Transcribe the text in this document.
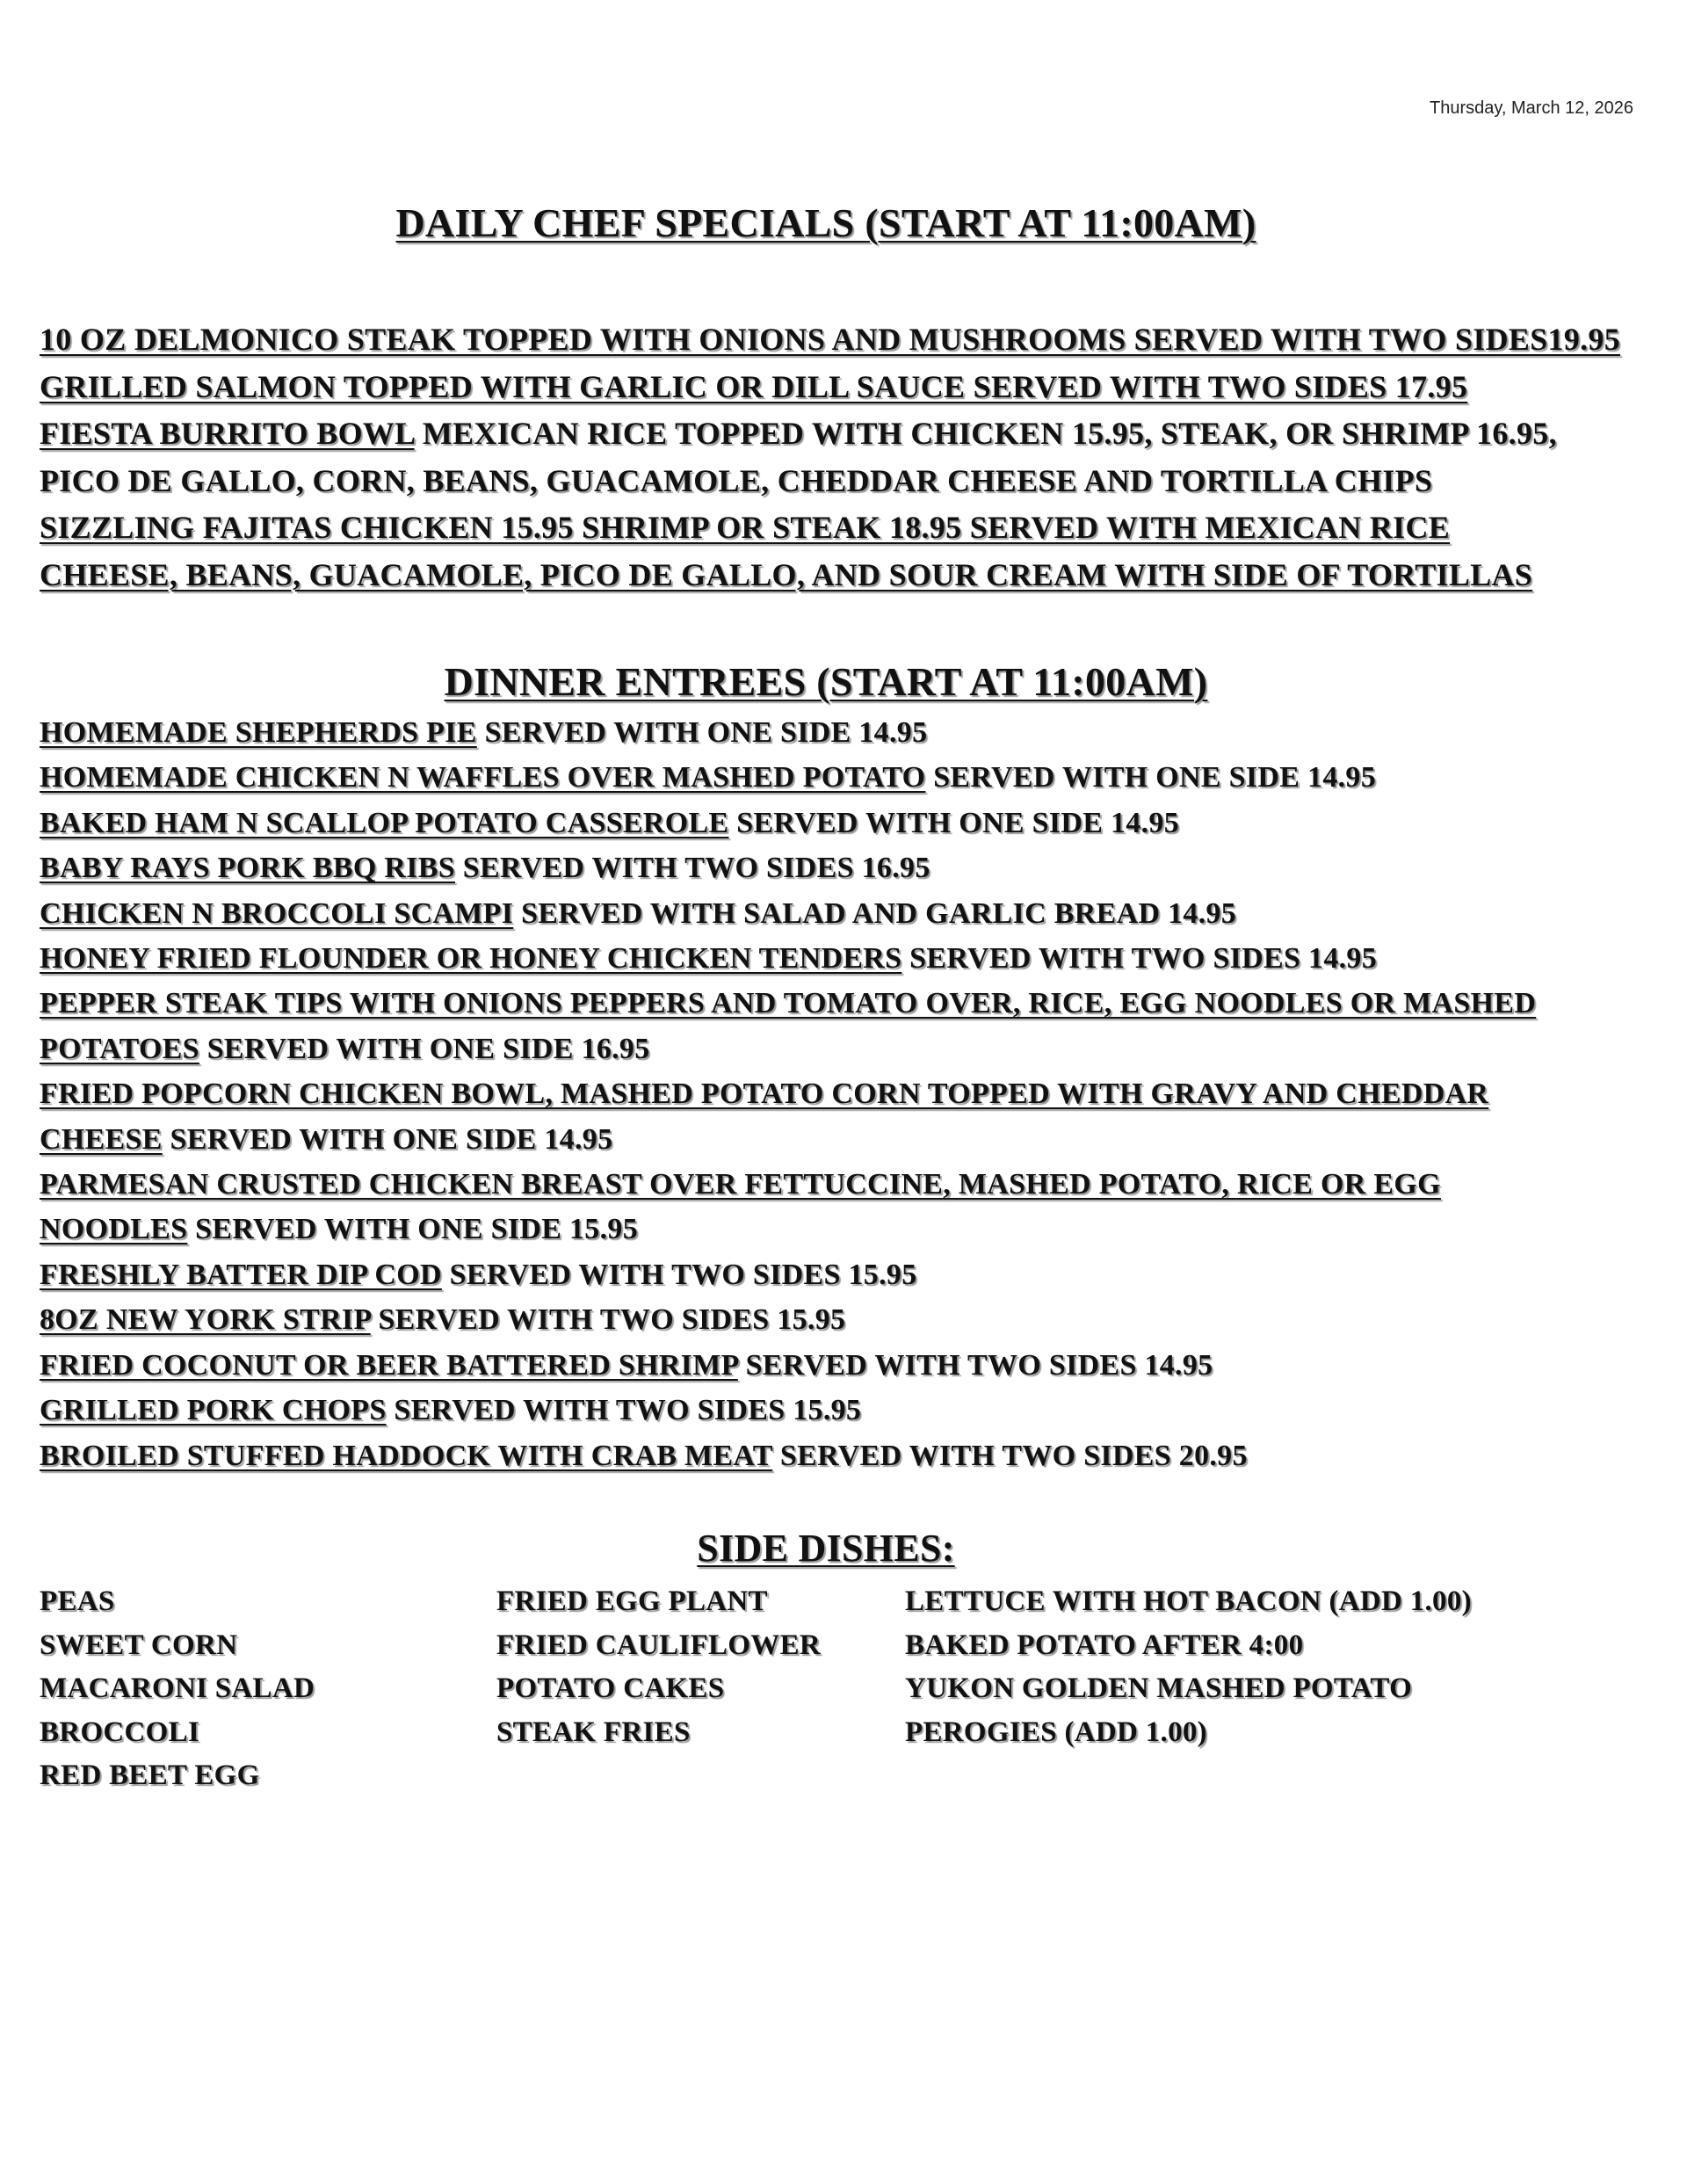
Thursday, March 12, 2026
DAILY CHEF SPECIALS (START AT 11:00AM)
10 OZ DELMONICO STEAK TOPPED WITH ONIONS AND MUSHROOMS SERVED WITH TWO SIDES19.95
GRILLED SALMON TOPPED WITH GARLIC OR DILL SAUCE SERVED WITH TWO SIDES 17.95
FIESTA BURRITO BOWL MEXICAN RICE TOPPED WITH CHICKEN 15.95, STEAK, OR SHRIMP 16.95,
PICO DE GALLO, CORN, BEANS, GUACAMOLE, CHEDDAR CHEESE AND TORTILLA CHIPS
SIZZLING FAJITAS CHICKEN 15.95 SHRIMP OR STEAK 18.95 SERVED WITH MEXICAN RICE
CHEESE, BEANS, GUACAMOLE, PICO DE GALLO, AND SOUR CREAM WITH SIDE OF TORTILLAS
DINNER ENTREES (START AT 11:00AM)
HOMEMADE SHEPHERDS PIE SERVED WITH ONE SIDE 14.95
HOMEMADE CHICKEN N WAFFLES OVER MASHED POTATO SERVED WITH ONE SIDE 14.95
BAKED HAM N SCALLOP POTATO CASSEROLE SERVED WITH ONE SIDE 14.95
BABY RAYS PORK BBQ RIBS SERVED WITH TWO SIDES 16.95
CHICKEN N BROCCOLI SCAMPI SERVED WITH SALAD AND GARLIC BREAD 14.95
HONEY FRIED FLOUNDER OR HONEY CHICKEN TENDERS SERVED WITH TWO SIDES 14.95
PEPPER STEAK TIPS WITH ONIONS PEPPERS AND TOMATO OVER, RICE, EGG NOODLES OR MASHED
POTATOES SERVED WITH ONE SIDE 16.95
FRIED POPCORN CHICKEN BOWL, MASHED POTATO CORN TOPPED WITH GRAVY AND CHEDDAR
CHEESE SERVED WITH ONE SIDE 14.95
PARMESAN CRUSTED CHICKEN BREAST OVER FETTUCCINE, MASHED POTATO, RICE OR EGG
NOODLES SERVED WITH ONE SIDE 15.95
FRESHLY BATTER DIP COD SERVED WITH TWO SIDES 15.95
8OZ NEW YORK STRIP SERVED WITH TWO SIDES 15.95
FRIED COCONUT OR BEER BATTERED SHRIMP SERVED WITH TWO SIDES 14.95
GRILLED PORK CHOPS SERVED WITH TWO SIDES 15.95
BROILED STUFFED HADDOCK WITH CRAB MEAT SERVED WITH TWO SIDES 20.95
SIDE DISHES:
PEAS
SWEET CORN
MACARONI SALAD
BROCCOLI
RED BEET EGG
FRIED EGG PLANT
FRIED CAULIFLOWER
POTATO CAKES
STEAK FRIES
LETTUCE WITH HOT BACON (ADD 1.00)
BAKED POTATO AFTER 4:00
YUKON GOLDEN MASHED POTATO
PEROGIES (ADD 1.00)
